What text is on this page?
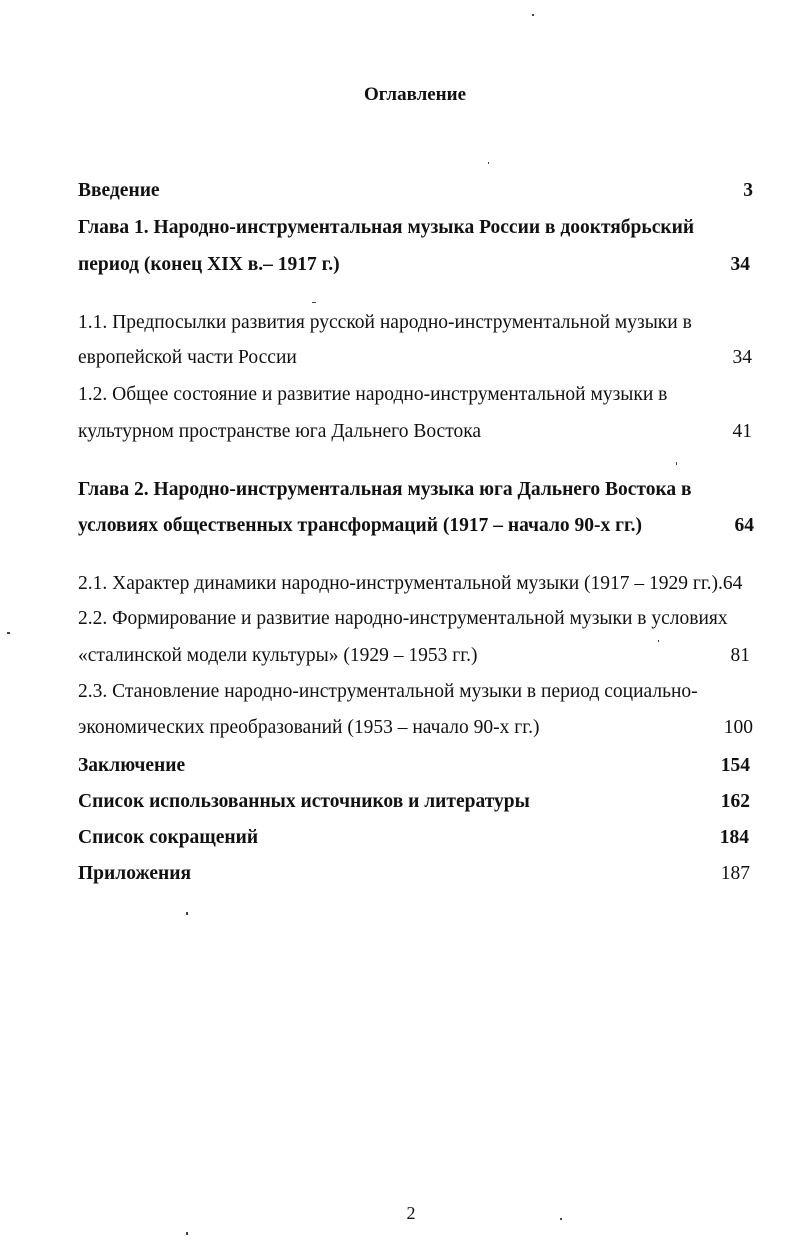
Оглавление
Введение	3
Глава 1. Народно-инструментальная музыка России в дооктябрьский
период (конец XIX в.– 1917 г.)	34
1.1. Предпосылки развития русской народно-инструментальной музыки в
европейской части России	34
1.2. Общее состояние и развитие народно-инструментальной музыки в
культурном пространстве юга Дальнего Востока	41
Глава 2. Народно-инструментальная музыка юга Дальнего Востока в
условиях общественных трансформаций (1917 – начало 90-х гг.)	64
2.1. Характер динамики народно-инструментальной музыки (1917 – 1929 гг.).64
2.2. Формирование и развитие народно-инструментальной музыки в условиях
«сталинской модели культуры» (1929 – 1953 гг.)	81
2.3. Становление народно-инструментальной музыки в период социально-
экономических преобразований (1953 – начало 90-х гг.)	100
Заключение	154
Список использованных источников и литературы	162
Список сокращений	184
Приложения	187
2
